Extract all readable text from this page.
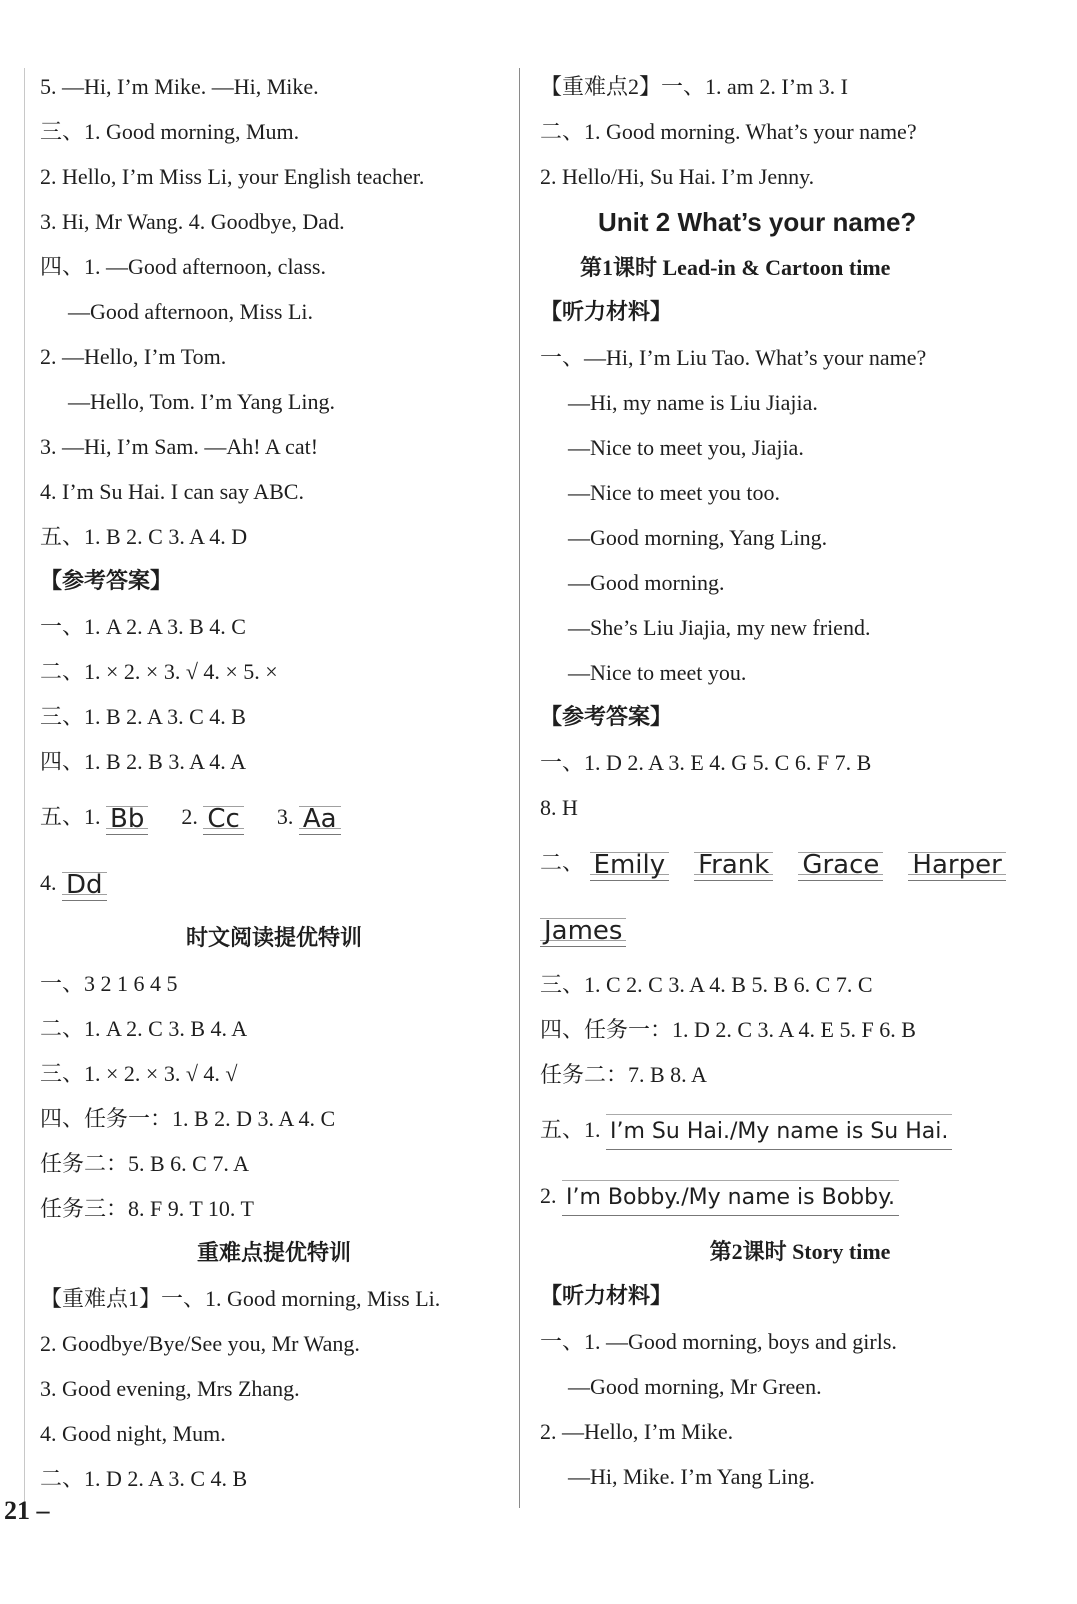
5. —Hi, I’m Mike. —Hi, Mike.
三、1. Good morning, Mum.
2. Hello, I’m Miss Li, your English teacher.
3. Hi, Mr Wang. 4. Goodbye, Dad.
四、1. —Good afternoon, class.
—Good afternoon, Miss Li.
2. —Hello, I’m Tom.
—Hello, Tom. I’m Yang Ling.
3. —Hi, I’m Sam. —Ah! A cat!
4. I’m Su Hai. I can say ABC.
五、1. B 2. C 3. A 4. D
【参考答案】
一、1. A 2. A 3. B 4. C
二、1. × 2. × 3. √ 4. × 5. ×
三、1. B 2. A 3. C 4. B
四、1. B 2. B 3. A 4. A
五、1. Bb 2. Cc 3. Aa
4. Dd
时文阅读提优特训
一、3 2 1 6 4 5
二、1. A 2. C 3. B 4. A
三、1. × 2. × 3. √ 4. √
四、任务一：1. B 2. D 3. A 4. C
任务二：5. B 6. C 7. A
任务三：8. F 9. T 10. T
重难点提优特训
【重难点1】一、1. Good morning, Miss Li.
2. Goodbye/Bye/See you, Mr Wang.
3. Good evening, Mrs Zhang.
4. Good night, Mum.
二、1. D 2. A 3. C 4. B
【重难点2】一、1. am 2. I’m 3. I
二、1. Good morning. What’s your name?
2. Hello/Hi, Su Hai. I’m Jenny.
Unit 2 What’s your name?
第1课时 Lead-in & Cartoon time
【听力材料】
一、—Hi, I’m Liu Tao. What’s your name?
—Hi, my name is Liu Jiajia.
—Nice to meet you, Jiajia.
—Nice to meet you too.
—Good morning, Yang Ling.
—Good morning.
—She’s Liu Jiajia, my new friend.
—Nice to meet you.
【参考答案】
一、1. D 2. A 3. E 4. G 5. C 6. F 7. B
8. H
二、 Emily Frank Grace Harper
James
三、1. C 2. C 3. A 4. B 5. B 6. C 7. C
四、任务一：1. D 2. C 3. A 4. E 5. F 6. B
任务二：7. B 8. A
五、1. I’m Su Hai./My name is Su Hai.
2. I’m Bobby./My name is Bobby.
第2课时 Story time
【听力材料】
一、1. —Good morning, boys and girls.
—Good morning, Mr Green.
2. —Hello, I’m Mike.
—Hi, Mike. I’m Yang Ling.
21 –
